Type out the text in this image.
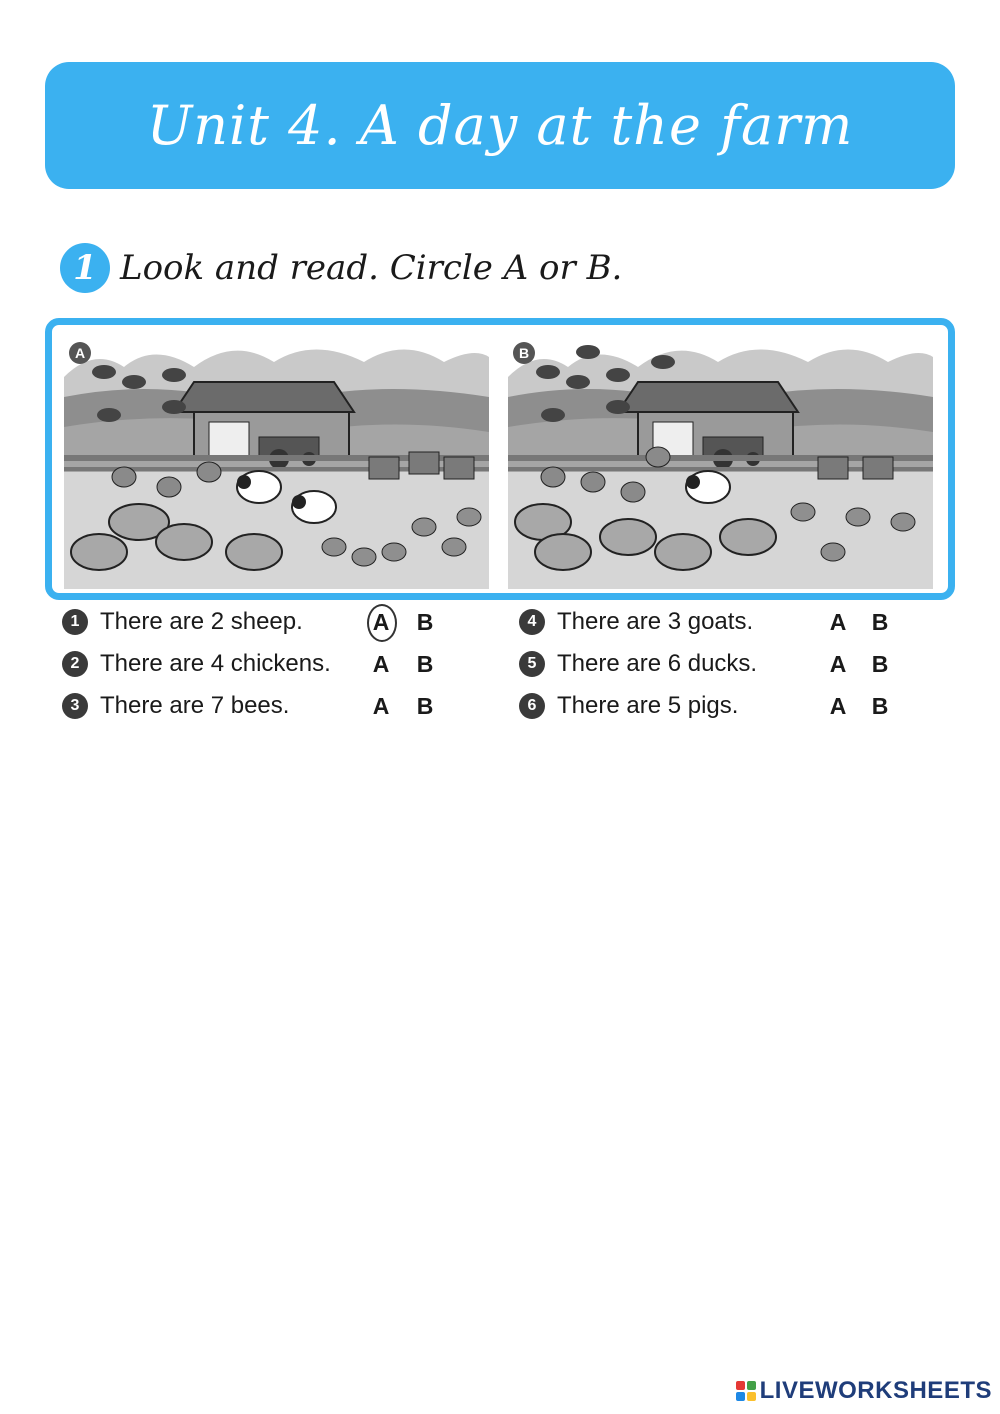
Unit 4. A day at the farm
1 Look and read. Circle A or B.
A	B
1 There are 2 sheep.	A B
2 There are 4 chickens. A B
3 There are 7 bees.	A B
4 There are 3 goats.	A B
5 There are 6 ducks.	A B
6 There are 5 pigs.	A B
LIVEWORKSHEETS
